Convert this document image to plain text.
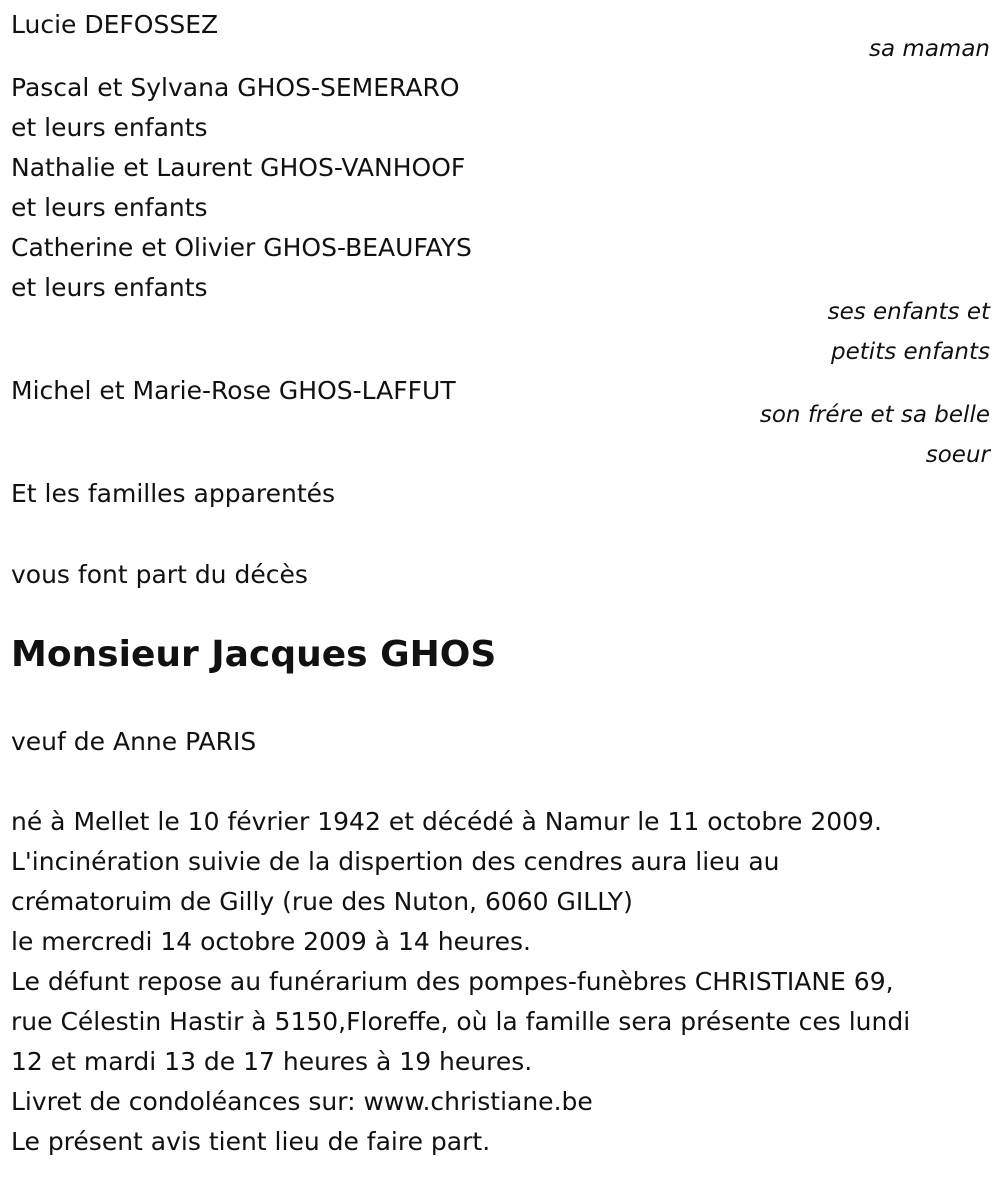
Lucie DEFOSSEZ

sa maman

Pascal et Sylvana GHOS-SEMERARO

et leurs enfants

Nathalie et Laurent GHOS-VANHOOF

et leurs enfants

Catherine et Olivier GHOS-BEAUFAYS

et leurs enfants

ses enfants et

petits enfants

Michel et Marie-Rose GHOS-LAFFUT

son frére et sa belle

soeur

Et les familles apparentés

vous font part du décès

Monsieur Jacques GHOS

veuf de Anne PARIS

né à Mellet le 10 février 1942 et décédé à Namur le 11 octobre 2009.

L'incinération suivie de la dispertion des cendres aura lieu au

crématoruim de Gilly (rue des Nuton, 6060 GILLY)

le mercredi 14 octobre 2009 à 14 heures.

Le défunt repose au funérarium des pompes-funèbres CHRISTIANE 69,

rue Célestin Hastir à 5150,Floreffe, où la famille sera présente ces lundi

12 et mardi 13 de 17 heures à 19 heures.

Livret de condoléances sur: www.christiane.be

Le présent avis tient lieu de faire part.
